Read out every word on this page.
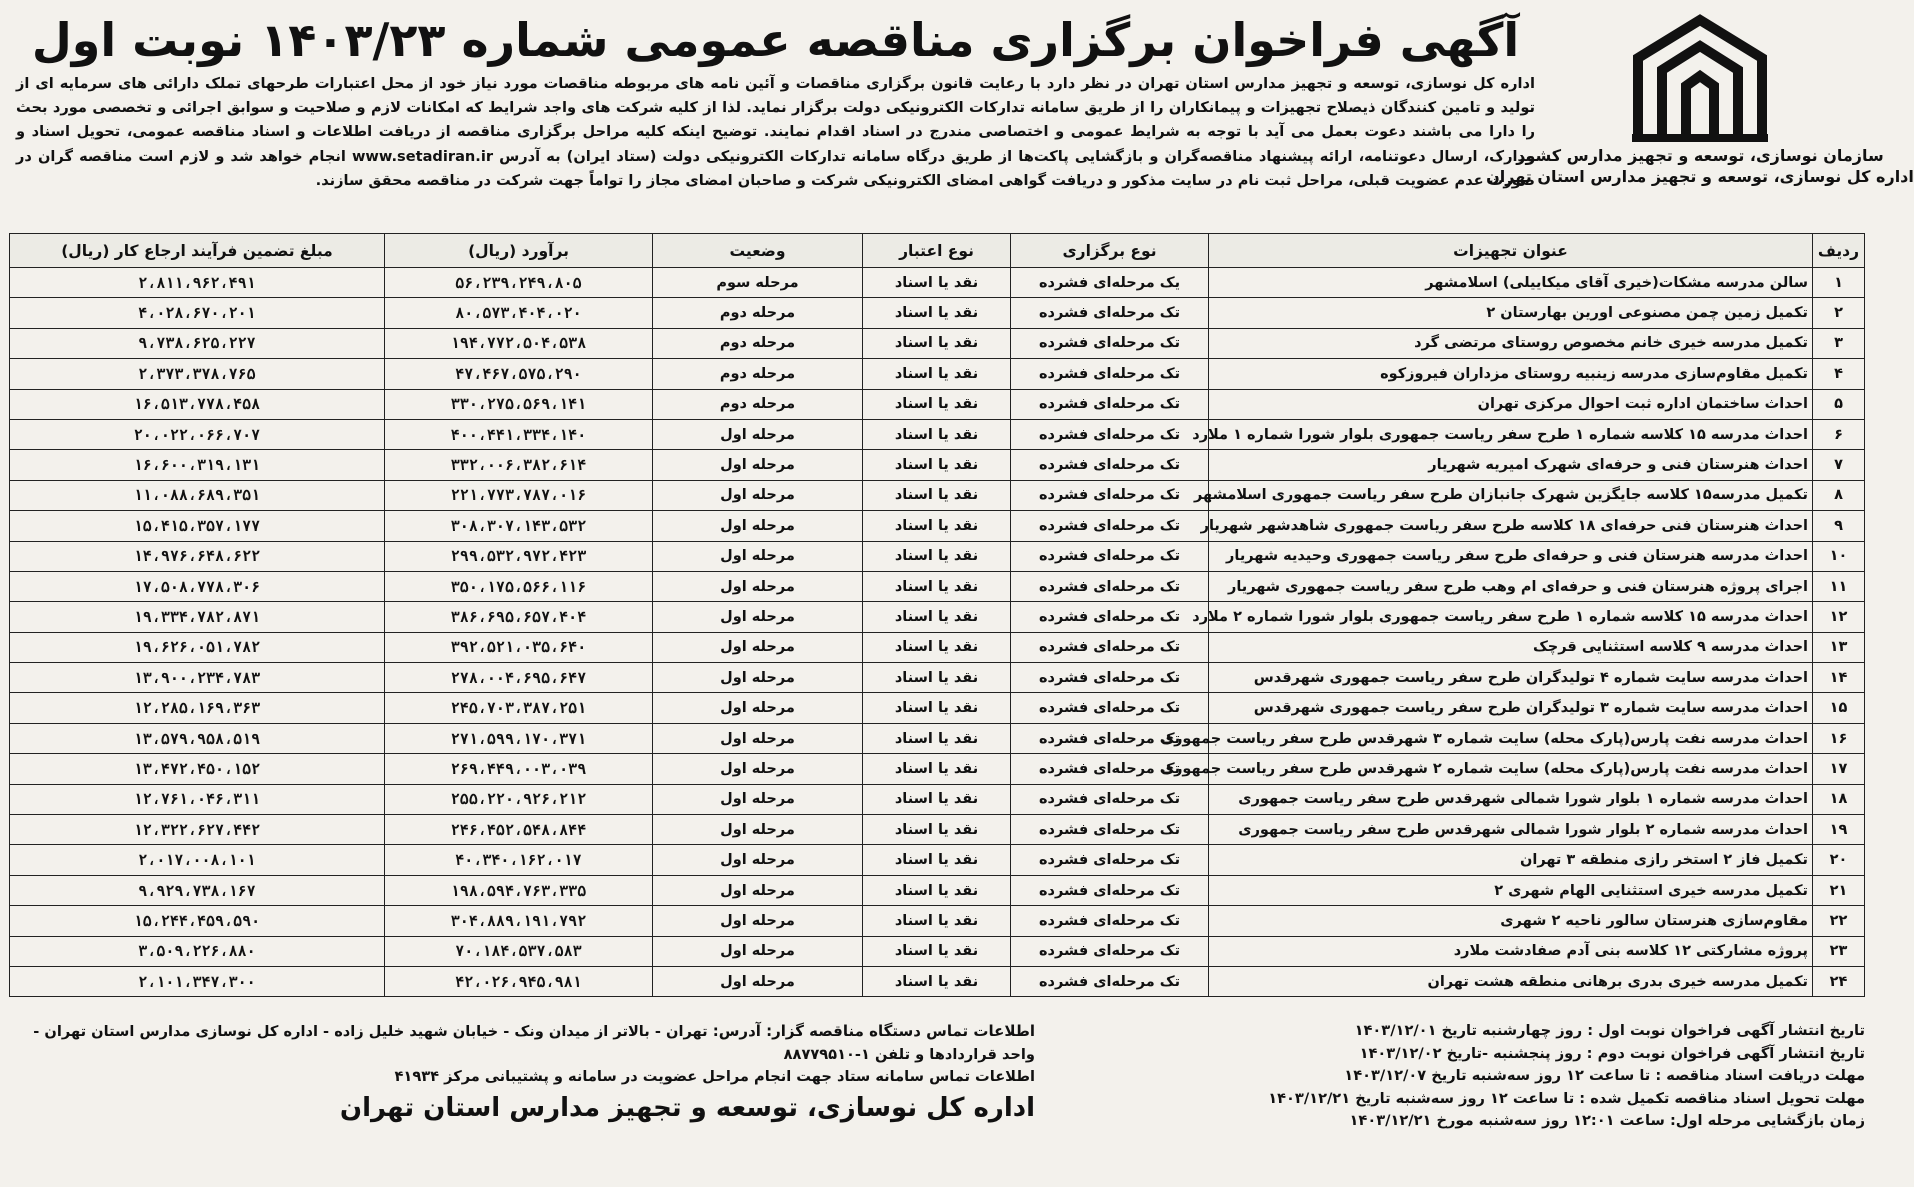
سازمان نوسازی، توسعه و تجهیز مدارس کشور
اداره کل نوسازی، توسعه و تجهیز مدارس استان تهران
آگهی فراخوان برگزاری مناقصه عمومی شماره ۱۴۰۳/۲۳ نوبت اول
اداره کل نوسازی، توسعه و تجهیز مدارس استان تهران در نظر دارد با رعایت قانون برگزاری مناقصات و آئین نامه های مربوطه مناقصات مورد نیاز خود از محل اعتبارات طرحهای تملک دارائی های سرمایه ای از تولید و تامین کنندگان ذیصلاح تجهیزات و پیمانکاران را از طریق سامانه تدارکات الکترونیکی دولت برگزار نماید. لذا از کلیه شرکت های واجد شرایط که امکانات لازم و صلاحیت و سوابق اجرائی و تخصصی مورد بحث را دارا می باشند دعوت بعمل می آید با توجه به شرایط عمومی و اختصاصی مندرج در اسناد اقدام نمایند. توضیح اینکه کلیه مراحل برگزاری مناقصه از دریافت اطلاعات و اسناد مناقصه عمومی، تحویل اسناد و مدارک، ارسال دعوتنامه، ارائه پیشنهاد مناقصه‌گران و بازگشایی پاکت‌ها از طریق درگاه سامانه تدارکات الکترونیکی دولت (ستاد ایران) به آدرس www.setadiran.ir انجام خواهد شد و لازم است مناقصه گران در صورت عدم عضویت قبلی، مراحل ثبت نام در سایت مذکور و دریافت گواهی امضای الکترونیکی شرکت و صاحبان امضای مجاز را تواماً جهت شرکت در مناقصه محقق سازند.
ردیف	عنوان تجهیزات	نوع برگزاری	نوع اعتبار	وضعیت	برآورد (ریال)	مبلغ تضمین فرآیند ارجاع کار (ریال)
۱	سالن مدرسه مشکات(خیری آقای میکاییلی) اسلامشهر	یک مرحله‌ای فشرده	نقد یا اسناد	مرحله سوم	۵۶،۲۳۹،۲۴۹،۸۰۵	۲،۸۱۱،۹۶۲،۴۹۱
۲	تکمیل زمین چمن مصنوعی اورین بهارستان ۲	تک مرحله‌ای فشرده	نقد یا اسناد	مرحله دوم	۸۰،۵۷۳،۴۰۴،۰۲۰	۴،۰۲۸،۶۷۰،۲۰۱
۳	تکمیل مدرسه خیری خانم مخصوص روستای مرتضی گرد	تک مرحله‌ای فشرده	نقد یا اسناد	مرحله دوم	۱۹۴،۷۷۲،۵۰۴،۵۳۸	۹،۷۳۸،۶۲۵،۲۲۷
۴	تکمیل مقاوم‌سازی مدرسه زینبیه روستای مزداران فیروزکوه	تک مرحله‌ای فشرده	نقد یا اسناد	مرحله دوم	۴۷،۴۶۷،۵۷۵،۲۹۰	۲،۳۷۳،۳۷۸،۷۶۵
۵	احداث ساختمان اداره ثبت احوال مرکزی تهران	تک مرحله‌ای فشرده	نقد یا اسناد	مرحله دوم	۳۳۰،۲۷۵،۵۶۹،۱۴۱	۱۶،۵۱۳،۷۷۸،۴۵۸
۶	احداث مدرسه ۱۵ کلاسه شماره ۱ طرح سفر ریاست جمهوری بلوار شورا شماره ۱ ملارد	تک مرحله‌ای فشرده	نقد یا اسناد	مرحله اول	۴۰۰،۴۴۱،۳۳۴،۱۴۰	۲۰،۰۲۲،۰۶۶،۷۰۷
۷	احداث هنرستان فنی و حرفه‌ای شهرک امیریه شهریار	تک مرحله‌ای فشرده	نقد یا اسناد	مرحله اول	۳۳۲،۰۰۶،۳۸۲،۶۱۴	۱۶،۶۰۰،۳۱۹،۱۳۱
۸	تکمیل مدرسه۱۵ کلاسه جایگزین شهرک جانبازان طرح سفر ریاست جمهوری اسلامشهر	تک مرحله‌ای فشرده	نقد یا اسناد	مرحله اول	۲۲۱،۷۷۳،۷۸۷،۰۱۶	۱۱،۰۸۸،۶۸۹،۳۵۱
۹	احداث هنرستان فنی حرفه‌ای ۱۸ کلاسه طرح سفر ریاست جمهوری شاهدشهر شهریار	تک مرحله‌ای فشرده	نقد یا اسناد	مرحله اول	۳۰۸،۳۰۷،۱۴۳،۵۳۲	۱۵،۴۱۵،۳۵۷،۱۷۷
۱۰	احداث مدرسه هنرستان فنی و حرفه‌ای طرح سفر ریاست جمهوری وحیدیه شهریار	تک مرحله‌ای فشرده	نقد یا اسناد	مرحله اول	۲۹۹،۵۳۲،۹۷۲،۴۲۳	۱۴،۹۷۶،۶۴۸،۶۲۲
۱۱	اجرای پروژه هنرستان فنی و حرفه‌ای ام وهب طرح سفر ریاست جمهوری شهریار	تک مرحله‌ای فشرده	نقد یا اسناد	مرحله اول	۳۵۰،۱۷۵،۵۶۶،۱۱۶	۱۷،۵۰۸،۷۷۸،۳۰۶
۱۲	احداث مدرسه ۱۵ کلاسه شماره ۱ طرح سفر ریاست جمهوری بلوار شورا شماره ۲ ملارد	تک مرحله‌ای فشرده	نقد یا اسناد	مرحله اول	۳۸۶،۶۹۵،۶۵۷،۴۰۴	۱۹،۳۳۴،۷۸۲،۸۷۱
۱۳	احداث مدرسه ۹ کلاسه استثنایی قرچک	تک مرحله‌ای فشرده	نقد یا اسناد	مرحله اول	۳۹۲،۵۲۱،۰۳۵،۶۴۰	۱۹،۶۲۶،۰۵۱،۷۸۲
۱۴	احداث مدرسه سایت شماره ۴ تولیدگران طرح سفر ریاست جمهوری شهرقدس	تک مرحله‌ای فشرده	نقد یا اسناد	مرحله اول	۲۷۸،۰۰۴،۶۹۵،۶۴۷	۱۳،۹۰۰،۲۳۴،۷۸۳
۱۵	احداث مدرسه سایت شماره ۳ تولیدگران طرح سفر ریاست جمهوری شهرقدس	تک مرحله‌ای فشرده	نقد یا اسناد	مرحله اول	۲۴۵،۷۰۳،۳۸۷،۲۵۱	۱۲،۲۸۵،۱۶۹،۳۶۳
۱۶	احداث مدرسه نفت پارس(پارک محله) سایت شماره ۳ شهرقدس طرح سفر ریاست جمهوری	تک مرحله‌ای فشرده	نقد یا اسناد	مرحله اول	۲۷۱،۵۹۹،۱۷۰،۳۷۱	۱۳،۵۷۹،۹۵۸،۵۱۹
۱۷	احداث مدرسه نفت پارس(پارک محله) سایت شماره ۲ شهرقدس طرح سفر ریاست جمهوری	تک مرحله‌ای فشرده	نقد یا اسناد	مرحله اول	۲۶۹،۴۴۹،۰۰۳،۰۳۹	۱۳،۴۷۲،۴۵۰،۱۵۲
۱۸	احداث مدرسه شماره ۱ بلوار شورا شمالی شهرقدس طرح سفر ریاست جمهوری	تک مرحله‌ای فشرده	نقد یا اسناد	مرحله اول	۲۵۵،۲۲۰،۹۲۶،۲۱۲	۱۲،۷۶۱،۰۴۶،۳۱۱
۱۹	احداث مدرسه شماره ۲ بلوار شورا شمالی شهرقدس طرح سفر ریاست جمهوری	تک مرحله‌ای فشرده	نقد یا اسناد	مرحله اول	۲۴۶،۴۵۲،۵۴۸،۸۴۴	۱۲،۳۲۲،۶۲۷،۴۴۲
۲۰	تکمیل فاز ۲ استخر رازی منطقه ۳ تهران	تک مرحله‌ای فشرده	نقد یا اسناد	مرحله اول	۴۰،۳۴۰،۱۶۲،۰۱۷	۲،۰۱۷،۰۰۸،۱۰۱
۲۱	تکمیل مدرسه خیری استثنایی الهام شهری ۲	تک مرحله‌ای فشرده	نقد یا اسناد	مرحله اول	۱۹۸،۵۹۴،۷۶۳،۳۳۵	۹،۹۲۹،۷۳۸،۱۶۷
۲۲	مقاوم‌سازی هنرستان سالور ناحیه ۲ شهری	تک مرحله‌ای فشرده	نقد یا اسناد	مرحله اول	۳۰۴،۸۸۹،۱۹۱،۷۹۲	۱۵،۲۴۴،۴۵۹،۵۹۰
۲۳	پروژه مشارکتی ۱۲ کلاسه بنی آدم صفادشت ملارد	تک مرحله‌ای فشرده	نقد یا اسناد	مرحله اول	۷۰،۱۸۴،۵۳۷،۵۸۳	۳،۵۰۹،۲۲۶،۸۸۰
۲۴	تکمیل مدرسه خیری بدری برهانی منطقه هشت تهران	تک مرحله‌ای فشرده	نقد یا اسناد	مرحله اول	۴۲،۰۲۶،۹۴۵،۹۸۱	۲،۱۰۱،۳۴۷،۳۰۰
تاریخ انتشار آگهی فراخوان نوبت اول : روز چهارشنبه تاریخ ۱۴۰۳/۱۲/۰۱
تاریخ انتشار آگهی فراخوان نوبت دوم : روز پنجشنبه -تاریخ ۱۴۰۳/۱۲/۰۲
مهلت دریافت اسناد مناقصه : تا ساعت ۱۲ روز سه‌شنبه تاریخ ۱۴۰۳/۱۲/۰۷
مهلت تحویل اسناد مناقصه تکمیل شده : تا ساعت ۱۲ روز سه‌شنبه تاریخ ۱۴۰۳/۱۲/۲۱
زمان بازگشایی مرحله اول: ساعت ۱۲:۰۱ روز سه‌شنبه مورخ ۱۴۰۳/۱۲/۲۱
اطلاعات تماس دستگاه مناقصه گزار: آدرس: تهران - بالاتر از میدان ونک - خیابان شهید خلیل زاده - اداره کل نوسازی مدارس استان تهران - واحد قراردادها و تلفن ۱-۸۸۷۷۹۵۱۰
اطلاعات تماس سامانه ستاد جهت انجام مراحل عضویت در سامانه و پشتیبانی مرکز ۴۱۹۳۴
اداره کل نوسازی، توسعه و تجهیز مدارس استان تهران
